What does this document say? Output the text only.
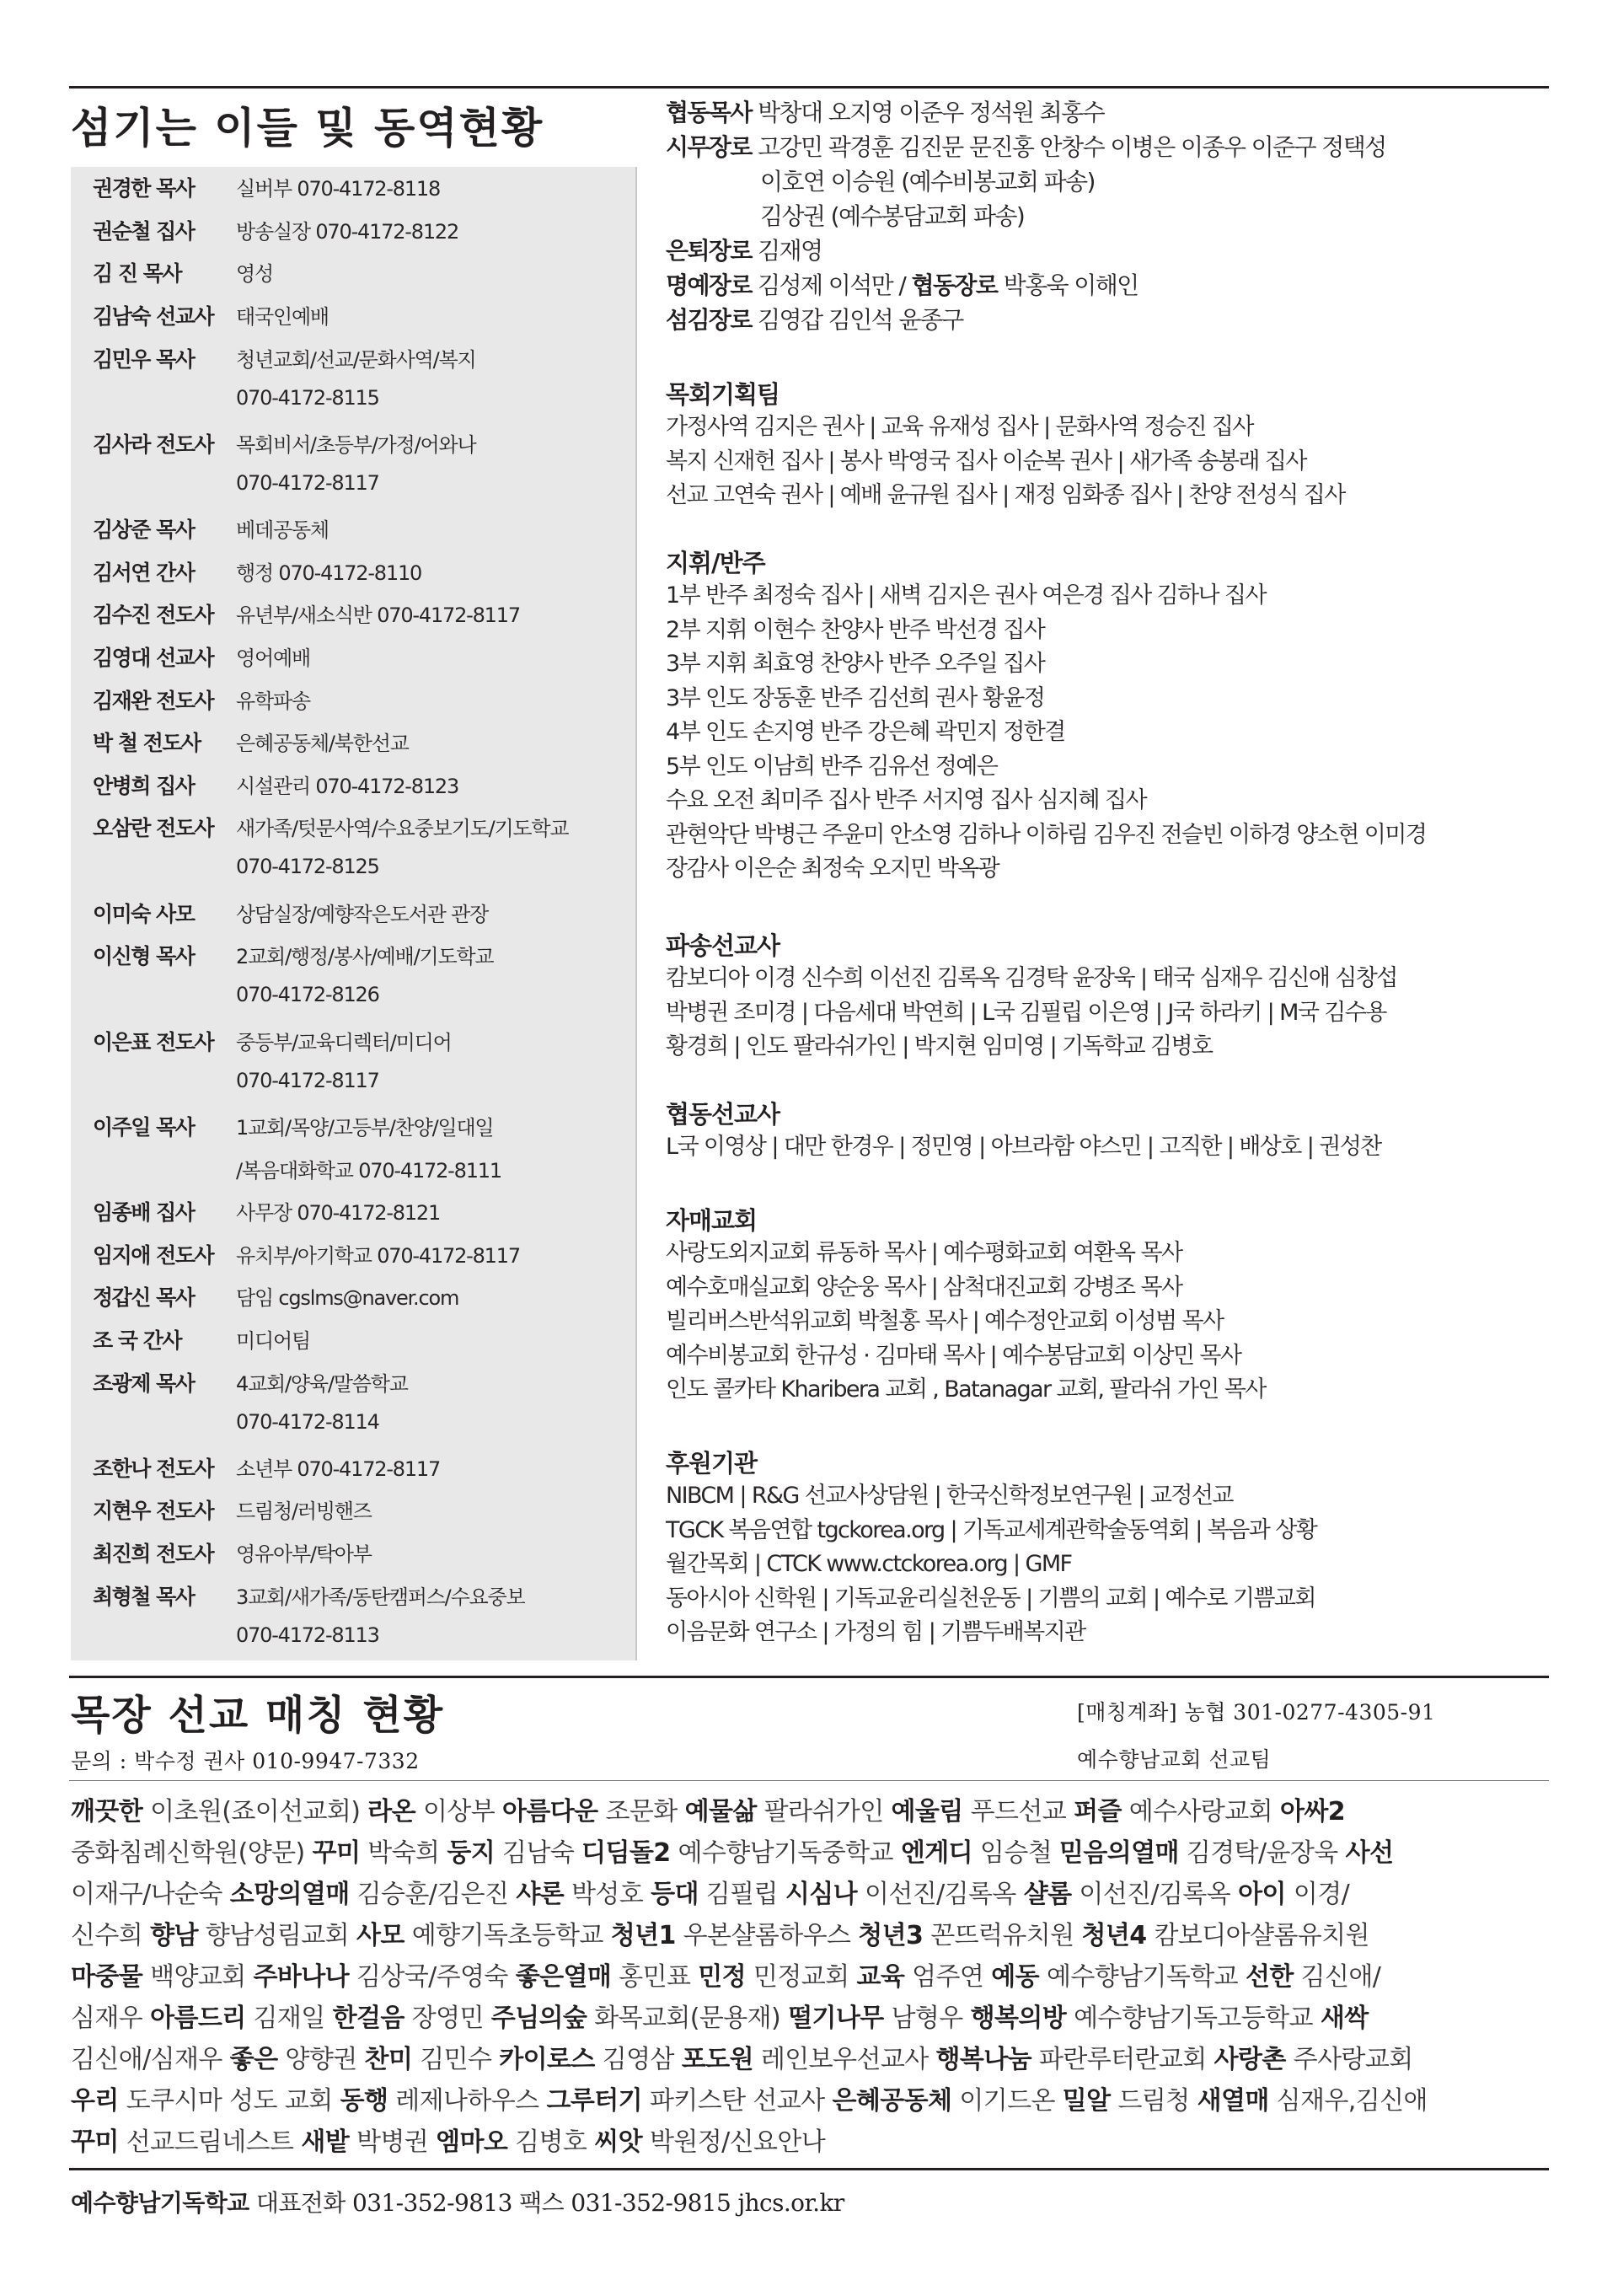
섬기는 이들 및 동역현황
권경한 목사 실버부 070-4172-8118
권순철 집사 방송실장 070-4172-8122
김 진 목사	영성
김남숙 선교사 태국인예배
김민우 목사 청년교회/선교/문화사역/복지
070-4172-8115
김사라 전도사 목회비서/초등부/가정/어와나
070-4172-8117
김상준 목사 베데공동체
김서연 간사 행정 070-4172-8110
김수진 전도사 유년부/새소식반 070-4172-8117
김영대 선교사 영어예배
김재완 전도사 유학파송
박 철 전도사 은혜공동체/북한선교
안병희 집사 시설관리 070-4172-8123
오삼란 전도사 새가족/텃문사역/수요중보기도/기도학교
070-4172-8125
이미숙 사모 상담실장/예향작은도서관 관장
이신형 목사 2교회/행정/봉사/예배/기도학교
070-4172-8126
이은표 전도사 중등부/교육디렉터/미디어
070-4172-8117
이주일 목사 1교회/목양/고등부/찬양/일대일
/복음대화학교 070-4172-8111
임종배 집사 사무장 070-4172-8121
임지애 전도사 유치부/아기학교 070-4172-8117
정갑신 목사 담임 cgslms@naver.com
조 국 간사	미디어팀
조광제 목사 4교회/양육/말씀학교
070-4172-8114
조한나 전도사 소년부 070-4172-8117
지현우 전도사 드림청/러빙핸즈
최진희 전도사 영유아부/탁아부
최형철 목사 3교회/새가족/동탄캠퍼스/수요중보
070-4172-8113
협동목사 박창대 오지영 이준우 정석원 최홍수
시무장로 고강민 곽경훈 김진문 문진홍 안창수 이병은 이종우 이준구 정택성
이호연 이승원 (예수비봉교회 파송)
김상권 (예수봉담교회 파송)
은퇴장로 김재영
명예장로 김성제 이석만 / 협동장로 박홍욱 이해인
섬김장로 김영갑 김인석 윤종구
목회기획팀
가정사역 김지은 권사 | 교육 유재성 집사 | 문화사역 정승진 집사
복지 신재헌 집사 | 봉사 박영국 집사 이순복 권사 | 새가족 송봉래 집사
선교 고연숙 권사 | 예배 윤규원 집사 | 재정 임화종 집사 | 찬양 전성식 집사
지휘/반주
1부 반주 최정숙 집사 | 새벽 김지은 권사 여은경 집사 김하나 집사
2부 지휘 이현수 찬양사 반주 박선경 집사
3부 지휘 최효영 찬양사 반주 오주일 집사
3부 인도 장동훈 반주 김선희 권사 황윤정
4부 인도 손지영 반주 강은혜 곽민지 정한결
5부 인도 이남희 반주 김유선 정예은
수요 오전 최미주 집사 반주 서지영 집사 심지혜 집사
관현악단 박병근 주윤미 안소영 김하나 이하림 김우진 전슬빈 이하경 양소현 이미경
장감사 이은순 최정숙 오지민 박옥광
파송선교사
캄보디아 이경 신수희 이선진 김록옥 김경탁 윤장욱 | 태국 심재우 김신애 심창섭
박병권 조미경 | 다음세대 박연희 | L국 김필립 이은영 | J국 하라키 | M국 김수용
황경희 | 인도 팔라쉬가인 | 박지현 임미영 | 기독학교 김병호
협동선교사
L국 이영상 | 대만 한경우 | 정민영 | 아브라함 야스민 | 고직한 | 배상호 | 권성찬
자매교회
사랑도외지교회 류동하 목사 | 예수평화교회 여환옥 목사
예수호매실교회 양순웅 목사 | 삼척대진교회 강병조 목사
빌리버스반석위교회 박철홍 목사 | 예수정안교회 이성범 목사
예수비봉교회 한규성 · 김마태 목사 | 예수봉담교회 이상민 목사
인도 콜카타 Kharibera 교회 , Batanagar 교회, 팔라쉬 가인 목사
후원기관
NIBCM | R&G 선교사상담원 | 한국신학정보연구원 | 교정선교
TGCK 복음연합 tgckorea.org | 기독교세계관학술동역회 | 복음과 상황
월간목회 | CTCK www.ctckorea.org | GMF
동아시아 신학원 | 기독교윤리실천운동 | 기쁨의 교회 | 예수로 기쁨교회
이음문화 연구소 | 가정의 힘 | 기쁨두배복지관
목장 선교 매칭 현황
문의 : 박수정 권사 010-9947-7332
[매칭계좌] 농협 301-0277-4305-91
예수향남교회 선교팀
깨끗한 이초원(죠이선교회) 라온 이상부 아름다운 조문화 예물삶 팔라쉬가인 예울림 푸드선교 퍼즐 예수사랑교회 아싸2
중화침례신학원(양문) 꾸미 박숙희 둥지 김남숙 디딤돌2 예수향남기독중학교 엔게디 임승철 믿음의열매 김경탁/윤장욱 사선
이재구/나순숙 소망의열매 김승훈/김은진 샤론 박성호 등대 김필립 시심나 이선진/김록옥 샬롬 이선진/김록옥 아이 이경/
신수희 향남 향남성림교회 사모 예향기독초등학교 청년1 우본샬롬하우스 청년3 꼰뜨럭유치원 청년4 캄보디아샬롬유치원
마중물 백양교회 주바나나 김상국/주영숙 좋은열매 홍민표 민정 민정교회 교육 엄주연 예동 예수향남기독학교 선한 김신애/
심재우 아름드리 김재일 한걸음 장영민 주님의숲 화목교회(문용재) 떨기나무 남형우 행복의방 예수향남기독고등학교 새싹
김신애/심재우 좋은 양향권 찬미 김민수 카이로스 김영삼 포도원 레인보우선교사 행복나눔 파란루터란교회 사랑촌 주사랑교회
우리 도쿠시마 성도 교회 동행 레제나하우스 그루터기 파키스탄 선교사 은혜공동체 이기드온 밀알 드림청 새열매 심재우,김신애
꾸미 선교드림네스트 새밭 박병권 엠마오 김병호 씨앗 박원정/신요안나
예수향남기독학교 대표전화 031-352-9813 팩스 031-352-9815 jhcs.or.kr
